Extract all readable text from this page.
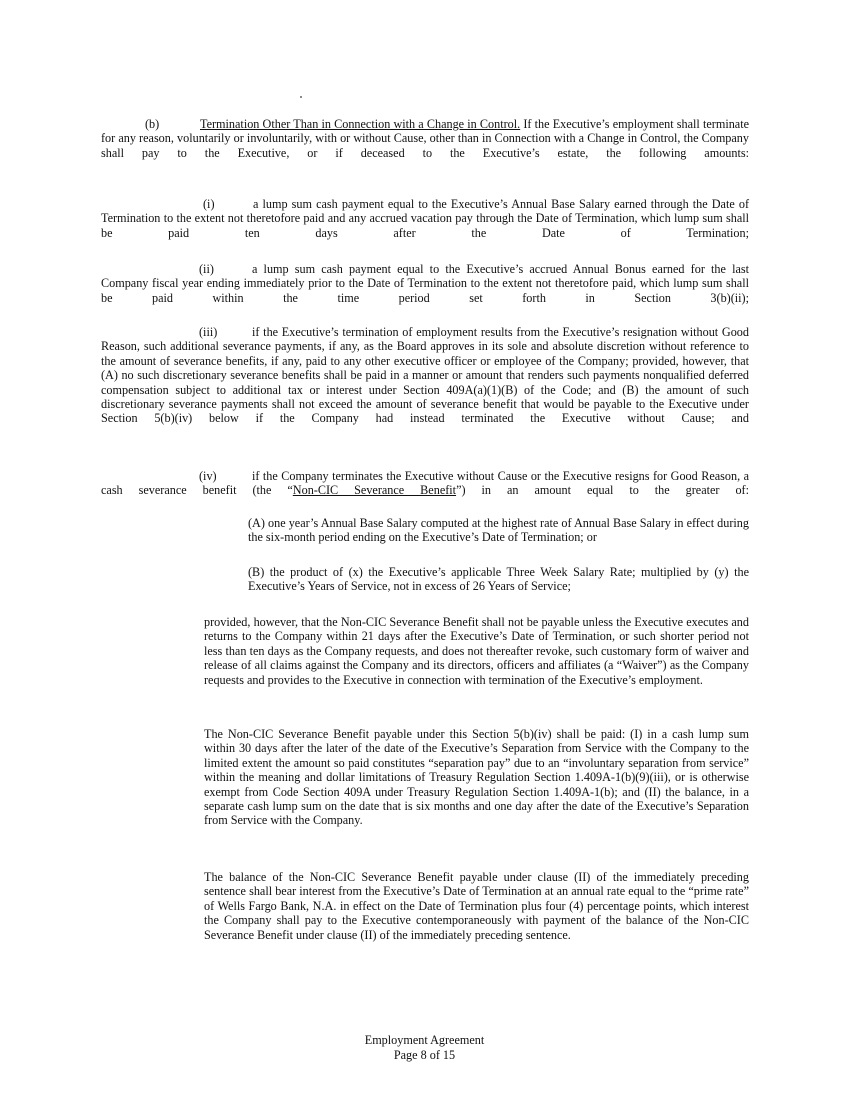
(b)	Termination Other Than in Connection with a Change in Control. If the Executive’s employment shall terminate for any reason, voluntarily or involuntarily, with or without Cause, other than in Connection with a Change in Control, the Company shall pay to the Executive, or if deceased to the Executive’s estate, the following amounts:

(i)	a lump sum cash payment equal to the Executive’s Annual Base Salary earned through the Date of Termination to the extent not theretofore paid and any accrued vacation pay through the Date of Termination, which lump sum shall be paid ten days after the Date of Termination;

(ii)	a lump sum cash payment equal to the Executive’s accrued Annual Bonus earned for the last Company fiscal year ending immediately prior to the Date of Termination to the extent not theretofore paid, which lump sum shall be paid within the time period set forth in Section 3(b)(ii);

(iii)	if the Executive’s termination of employment results from the Executive’s resignation without Good Reason, such additional severance payments, if any, as the Board approves in its sole and absolute discretion without reference to the amount of severance benefits, if any, paid to any other executive officer or employee of the Company; provided, however, that (A) no such discretionary severance benefits shall be paid in a manner or amount that renders such payments nonqualified deferred compensation subject to additional tax or interest under Section 409A(a)(1)(B) of the Code; and (B) the amount of such discretionary severance payments shall not exceed the amount of severance benefit that would be payable to the Executive under Section 5(b)(iv) below if the Company had instead terminated the Executive without Cause; and

(iv)	if the Company terminates the Executive without Cause or the Executive resigns for Good Reason, a cash severance benefit (the “Non-CIC Severance Benefit”) in an amount equal to the greater of:

(A) one year’s Annual Base Salary computed at the highest rate of Annual Base Salary in effect during the six-month period ending on the Executive’s Date of Termination; or

(B) the product of (x) the Executive’s applicable Three Week Salary Rate; multiplied by (y) the Executive’s Years of Service, not in excess of 26 Years of Service;

provided, however, that the Non-CIC Severance Benefit shall not be payable unless the Executive executes and returns to the Company within 21 days after the Executive’s Date of Termination, or such shorter period not less than ten days as the Company requests, and does not thereafter revoke, such customary form of waiver and release of all claims against the Company and its directors, officers and affiliates (a “Waiver”) as the Company requests and provides to the Executive in connection with termination of the Executive’s employment.

The Non-CIC Severance Benefit payable under this Section 5(b)(iv) shall be paid: (I) in a cash lump sum within 30 days after the later of the date of the Executive’s Separation from Service with the Company to the limited extent the amount so paid constitutes “separation pay” due to an “involuntary separation from service” within the meaning and dollar limitations of Treasury Regulation Section 1.409A-1(b)(9)(iii), or is otherwise exempt from Code Section 409A under Treasury Regulation Section 1.409A-1(b); and (II) the balance, in a separate cash lump sum on the date that is six months and one day after the date of the Executive’s Separation from Service with the Company.

The balance of the Non-CIC Severance Benefit payable under clause (II) of the immediately preceding sentence shall bear interest from the Executive’s Date of Termination at an annual rate equal to the “prime rate” of Wells Fargo Bank, N.A. in effect on the Date of Termination plus four (4) percentage points, which interest the Company shall pay to the Executive contemporaneously with payment of the balance of the Non-CIC Severance Benefit under clause (II) of the immediately preceding sentence.

Employment Agreement
Page 8 of 15
